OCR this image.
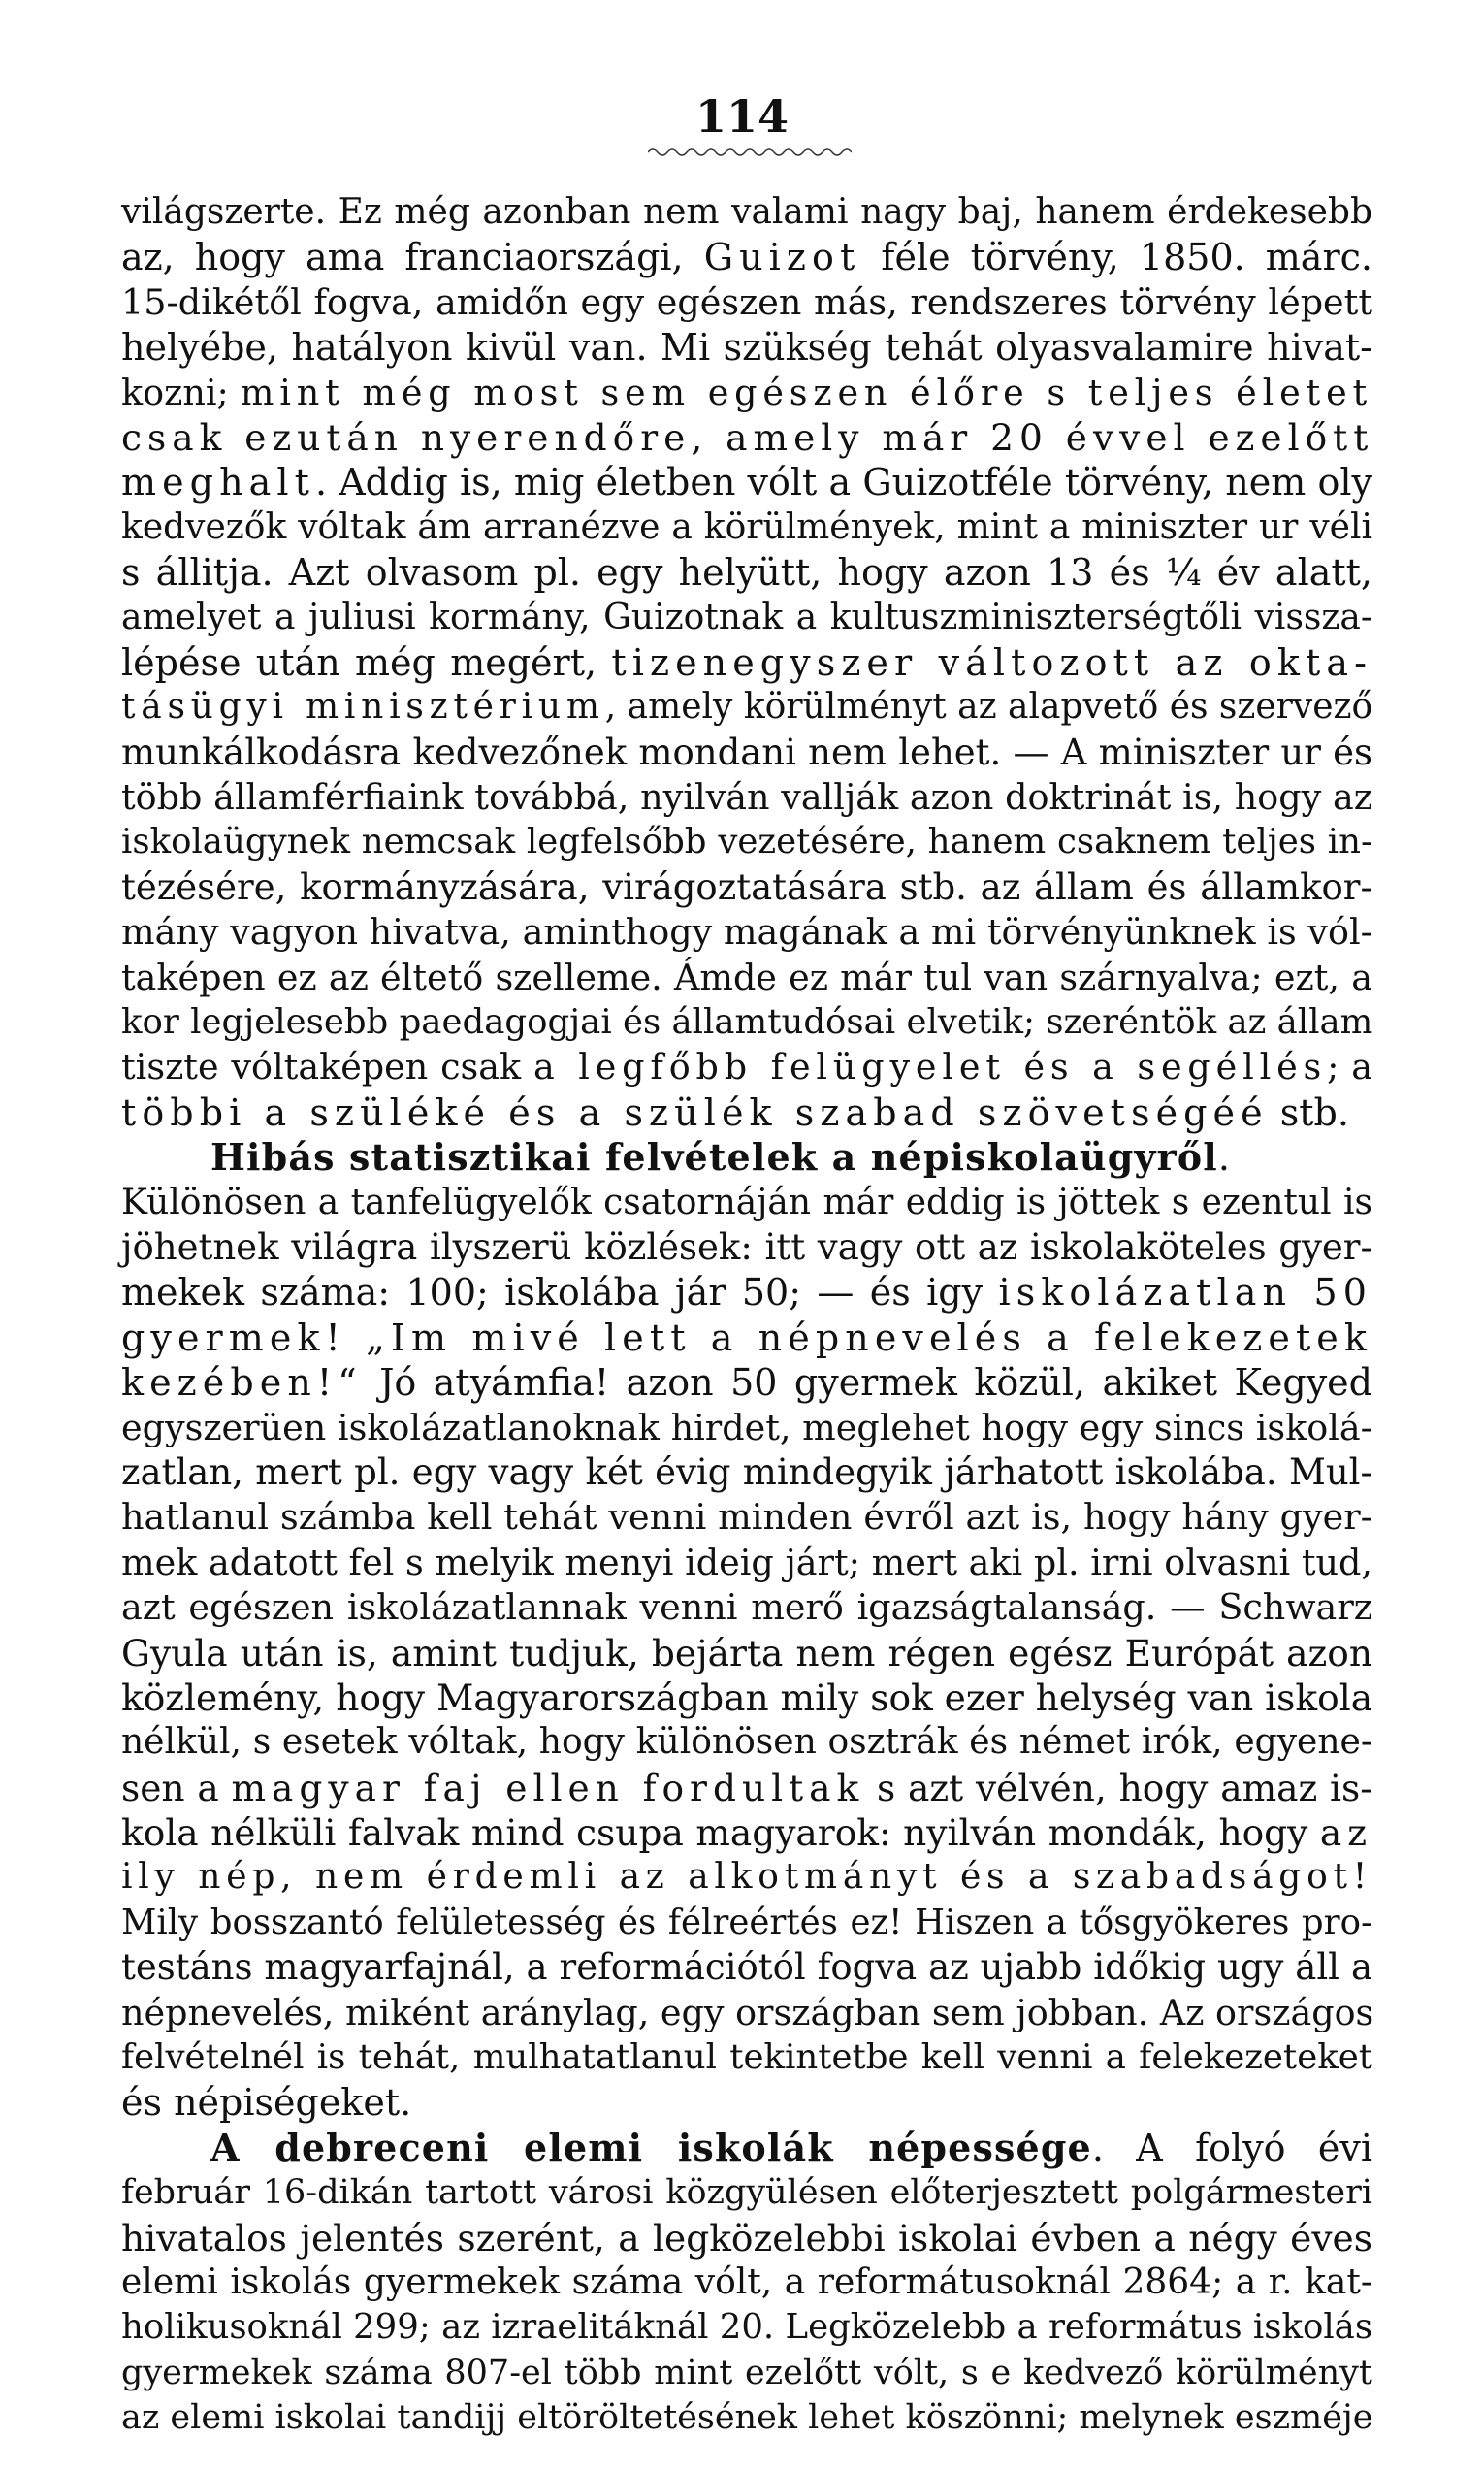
114
világszerte. Ez még azonban nem valami nagy baj, hanem érdekesebb
az, hogy ama franciaországi, Guizot féle törvény, 1850. márc.
15-dikétől fogva, amidőn egy egészen más, rendszeres törvény lépett
helyébe, hatályon kivül van. Mi szükség tehát olyasvalamire hivat-
kozni; mint még most sem egészen élőre s teljes életet
csak ezután nyerendőre, amely már 20 évvel ezelőtt
meghalt. Addig is, mig életben vólt a Guizotféle törvény, nem oly
kedvezők vóltak ám arranézve a körülmények, mint a miniszter ur véli
s állitja. Azt olvasom pl. egy helyütt, hogy azon 13 és ¼ év alatt,
amelyet a juliusi kormány, Guizotnak a kultuszminiszterségtőli vissza-
lépése után még megért, tizenegyszer változott az okta-
tásügyi minisztérium, amely körülményt az alapvető és szervező
munkálkodásra kedvezőnek mondani nem lehet. — A miniszter ur és
több államférfiaink továbbá, nyilván vallják azon doktrinát is, hogy az
iskolaügynek nemcsak legfelsőbb vezetésére, hanem csaknem teljes in-
tézésére, kormányzására, virágoztatására stb. az állam és államkor-
mány vagyon hivatva, aminthogy magának a mi törvényünknek is vól-
taképen ez az éltető szelleme. Ámde ez már tul van szárnyalva; ezt, a
kor legjelesebb paedagogjai és államtudósai elvetik; szeréntök az állam
tiszte vóltaképen csak a legfőbb felügyelet és a segéllés; a
többi a szüléké és a szülék szabad szövetségéé stb.
Hibás statisztikai felvételek a népiskolaügyről.
Különösen a tanfelügyelők csatornáján már eddig is jöttek s ezentul is
jöhetnek világra ilyszerü közlések: itt vagy ott az iskolaköteles gyer-
mekek száma: 100; iskolába jár 50; — és igy iskolázatlan 50
gyermek! „Im mivé lett a népnevelés a felekezetek
kezében!“ Jó atyámfia! azon 50 gyermek közül, akiket Kegyed
egyszerüen iskolázatlanoknak hirdet, meglehet hogy egy sincs iskolá-
zatlan, mert pl. egy vagy két évig mindegyik járhatott iskolába. Mul-
hatlanul számba kell tehát venni minden évről azt is, hogy hány gyer-
mek adatott fel s melyik menyi ideig járt; mert aki pl. irni olvasni tud,
azt egészen iskolázatlannak venni merő igazságtalanság. — Schwarz
Gyula után is, amint tudjuk, bejárta nem régen egész Európát azon
közlemény, hogy Magyarországban mily sok ezer helység van iskola
nélkül, s esetek vóltak, hogy különösen osztrák és német irók, egyene-
sen a magyar faj ellen fordultak s azt vélvén, hogy amaz is-
kola nélküli falvak mind csupa magyarok: nyilván mondák, hogy az
ily nép, nem érdemli az alkotmányt és a szabadságot!
Mily bosszantó felületesség és félreértés ez! Hiszen a tősgyökeres pro-
testáns magyarfajnál, a reformációtól fogva az ujabb időkig ugy áll a
népnevelés, miként aránylag, egy országban sem jobban. Az országos
felvételnél is tehát, mulhatatlanul tekintetbe kell venni a felekezeteket
és népiségeket.
A debreceni elemi iskolák népessége. A folyó évi
február 16-dikán tartott városi közgyülésen előterjesztett polgármesteri
hivatalos jelentés szerént, a legközelebbi iskolai évben a négy éves
elemi iskolás gyermekek száma vólt, a reformátusoknál 2864; a r. kat-
holikusoknál 299; az izraelitáknál 20. Legközelebb a református iskolás
gyermekek száma 807-el több mint ezelőtt vólt, s e kedvező körülményt
az elemi iskolai tandijj eltöröltetésének lehet köszönni; melynek eszméje
